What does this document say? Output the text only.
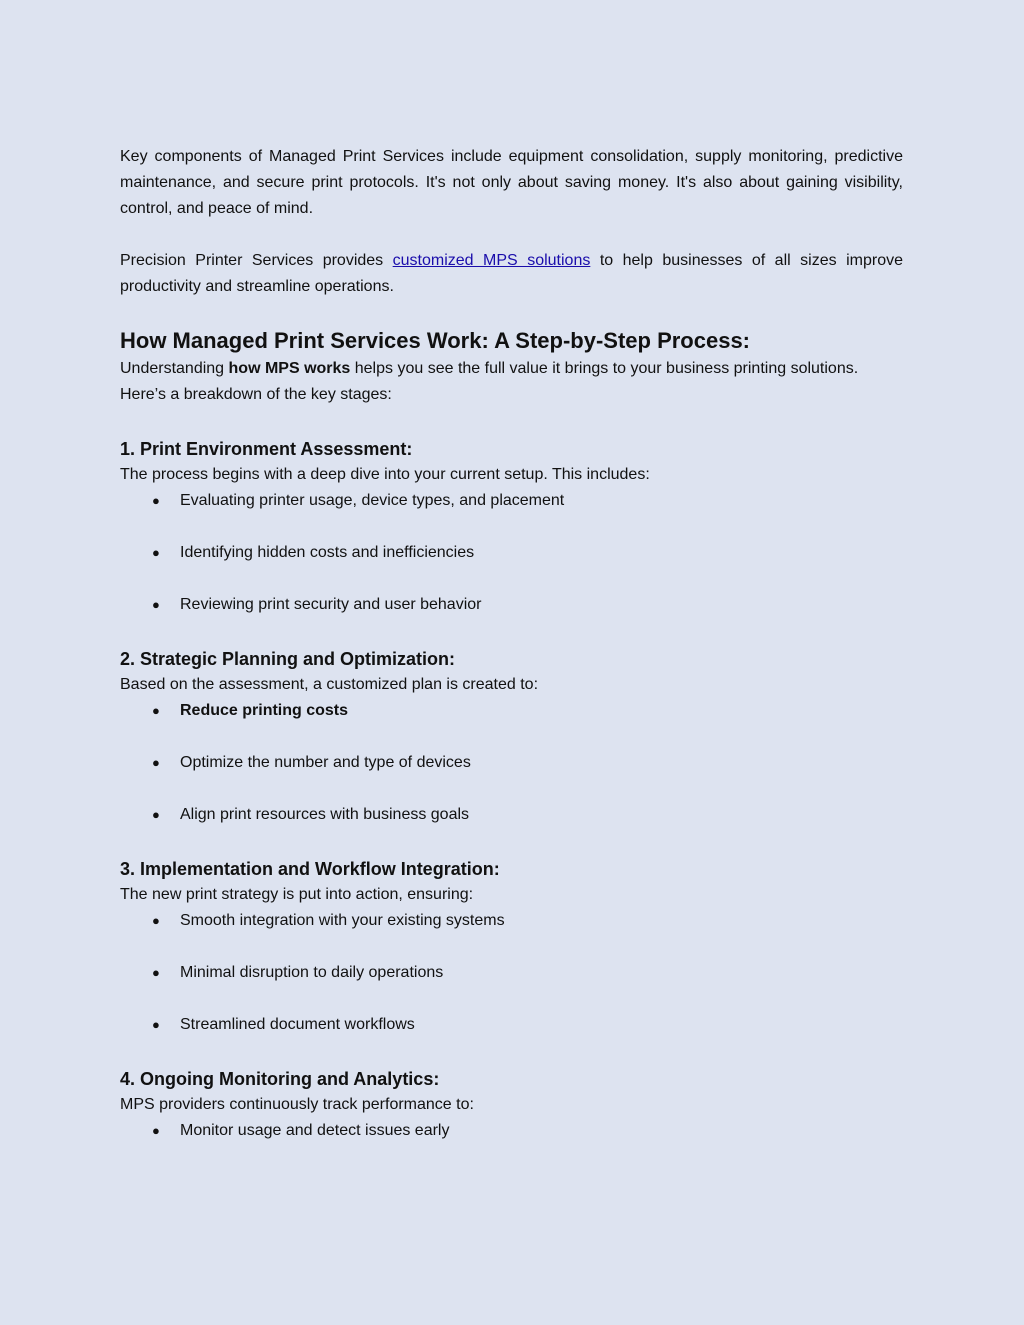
Key components of Managed Print Services include equipment consolidation, supply monitoring, predictive maintenance, and secure print protocols. It's not only about saving money. It's also about gaining visibility, control, and peace of mind.

Precision Printer Services provides customized MPS solutions to help businesses of all sizes improve productivity and streamline operations.

How Managed Print Services Work: A Step-by-Step Process:

Understanding how MPS works helps you see the full value it brings to your business printing solutions. Here’s a breakdown of the key stages:

1. Print Environment Assessment:

The process begins with a deep dive into your current setup. This includes:

● Evaluating printer usage, device types, and placement
● Identifying hidden costs and inefficiencies
● Reviewing print security and user behavior
2. Strategic Planning and Optimization:

Based on the assessment, a customized plan is created to:

● Reduce printing costs
● Optimize the number and type of devices
● Align print resources with business goals
3. Implementation and Workflow Integration:

The new print strategy is put into action, ensuring:

● Smooth integration with your existing systems
● Minimal disruption to daily operations
● Streamlined document workflows
4. Ongoing Monitoring and Analytics:

MPS providers continuously track performance to:

● Monitor usage and detect issues early
